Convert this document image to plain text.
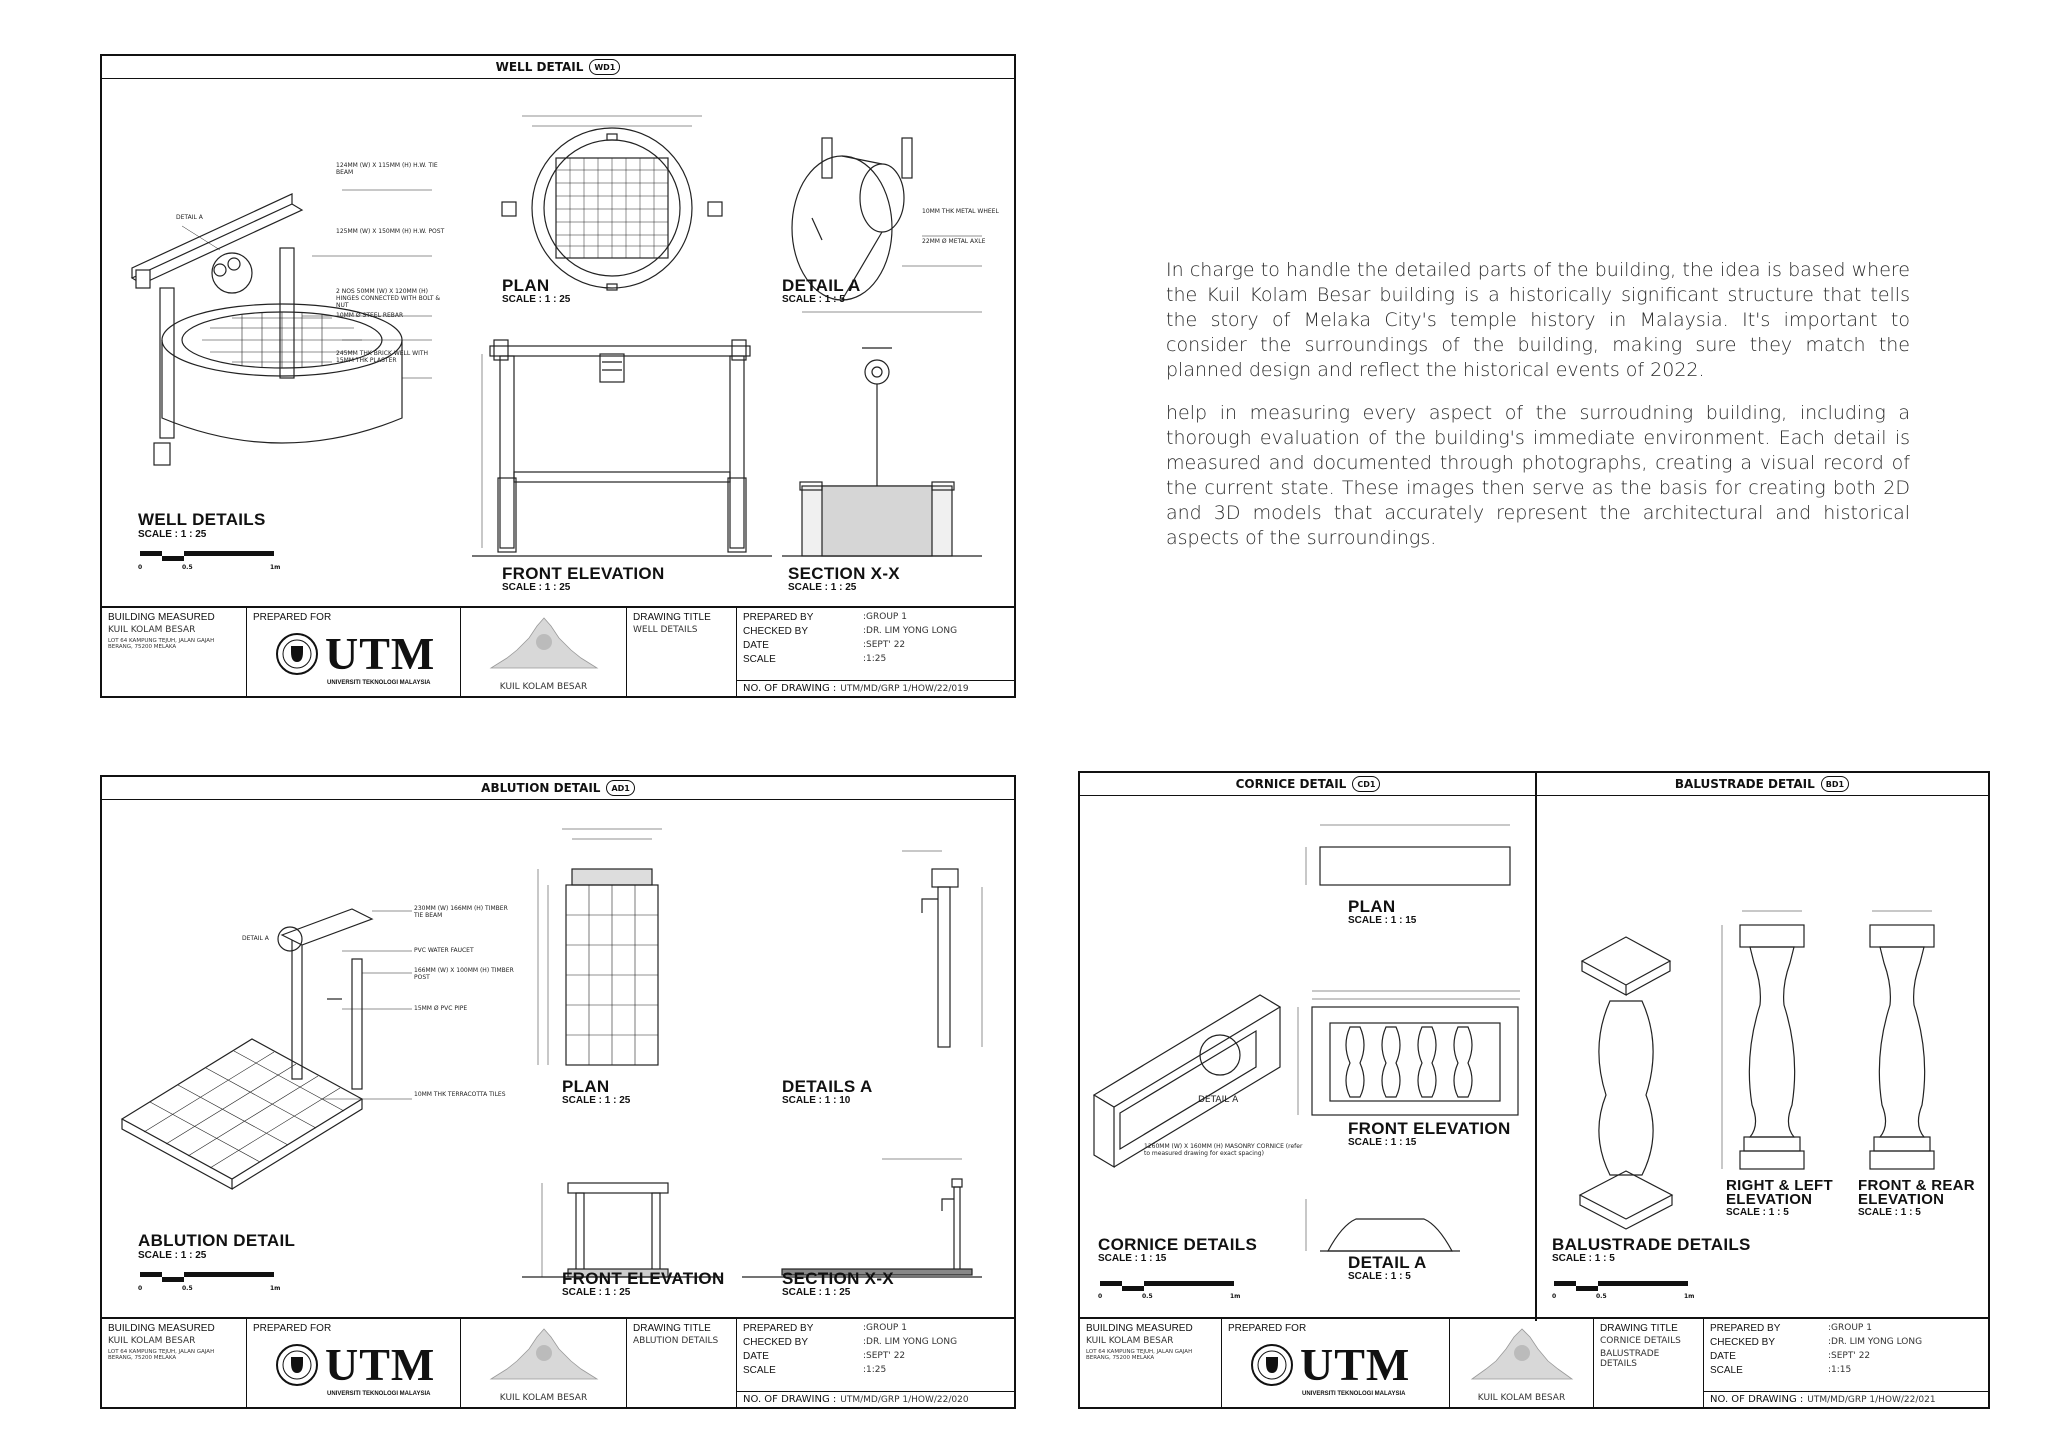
WELL DETAIL	WD1
124MM (W) X 115MM (H) H.W. TIE BEAM
125MM (W) X 150MM (H) H.W. POST
2 NOS 50MM (W) X 120MM (H) HINGES CONNECTED WITH BOLT & NUT
10MM Ø STEEL REBAR
245MM THK BRICK WELL WITH 15MM THK PLASTER
10MM THK METAL WHEEL
22MM Ø METAL AXLE
DETAIL A
WELL DETAILS
SCALE : 1 : 25
0	0.5	1m
PLAN
SCALE : 1 : 25
DETAIL A
SCALE : 1 : 5
FRONT ELEVATION
SCALE : 1 : 25
SECTION X-X
SCALE : 1 : 25
BUILDING MEASURED
KUIL KOLAM BESAR
LOT 64 KAMPUNG TEJUH, JALAN GAJAH BERANG, 75200 MELAKA
PREPARED FOR
UTM
UNIVERSITI TEKNOLOGI MALAYSIA	KUIL KOLAM BESAR
DRAWING TITLE
WELL DETAILS
PREPARED BY	:GROUP 1
CHECKED BY	:DR. LIM YONG LONG
DATE	:SEPT' 22
SCALE	:1:25
NO. OF DRAWING : UTM/MD/GRP 1/HOW/22/019

In charge to handle the detailed parts of the building, the idea is based where the Kuil Kolam Besar building is a historically significant structure that tells the story of Melaka City's temple history in Malaysia. It's important to consider the surroundings of the building, making sure they match the planned design and reflect the historical events of 2022.

help in measuring every aspect of the surroudning building, including a thorough evaluation of the building's immediate environment. Each detail is measured and documented through photographs, creating a visual record of the current state. These images then serve as the basis for creating both 2D and 3D models that accurately represent the architectural and historical aspects of the surroundings.

ABLUTION DETAIL	AD1
230MM (W) 166MM (H) TIMBER TIE BEAM
PVC WATER FAUCET
166MM (W) X 100MM (H) TIMBER POST
15MM Ø PVC PIPE
10MM THK TERRACOTTA TILES
DETAIL A
ABLUTION DETAIL
SCALE : 1 : 25
0	0.5	1m
PLAN
SCALE : 1 : 25
DETAILS A
SCALE : 1 : 10
FRONT ELEVATION
SCALE : 1 : 25
SECTION X-X
SCALE : 1 : 25
BUILDING MEASURED
KUIL KOLAM BESAR
LOT 64 KAMPUNG TEJUH, JALAN GAJAH BERANG, 75200 MELAKA
PREPARED FOR
UTM
UNIVERSITI TEKNOLOGI MALAYSIA	KUIL KOLAM BESAR
DRAWING TITLE
ABLUTION DETAILS
PREPARED BY	:GROUP 1
CHECKED BY	:DR. LIM YONG LONG
DATE	:SEPT' 22
SCALE	:1:25
NO. OF DRAWING : UTM/MD/GRP 1/HOW/22/020
CORNICE DETAIL	CD1	BALUSTRADE DETAIL	BD1
1260MM (W) X 160MM (H) MASONRY CORNICE (refer to measured drawing for exact spacing)
DETAIL A
PLAN
SCALE : 1 : 15
FRONT ELEVATION
SCALE : 1 : 15
DETAIL A
SCALE : 1 : 5
CORNICE DETAILS
SCALE : 1 : 15
0	0.5	1m
RIGHT & LEFT
ELEVATION
SCALE : 1 : 5
FRONT & REAR
ELEVATION
SCALE : 1 : 5
BALUSTRADE DETAILS
SCALE : 1 : 5
0	0.5	1m
BUILDING MEASURED
KUIL KOLAM BESAR
LOT 64 KAMPUNG TEJUH, JALAN GAJAH BERANG, 75200 MELAKA
PREPARED FOR
UTM
UNIVERSITI TEKNOLOGI MALAYSIA	KUIL KOLAM BESAR
DRAWING TITLE
CORNICE DETAILS
BALUSTRADE DETAILS
PREPARED BY	:GROUP 1
CHECKED BY	:DR. LIM YONG LONG
DATE	:SEPT' 22
SCALE	:1:15
NO. OF DRAWING : UTM/MD/GRP 1/HOW/22/021
